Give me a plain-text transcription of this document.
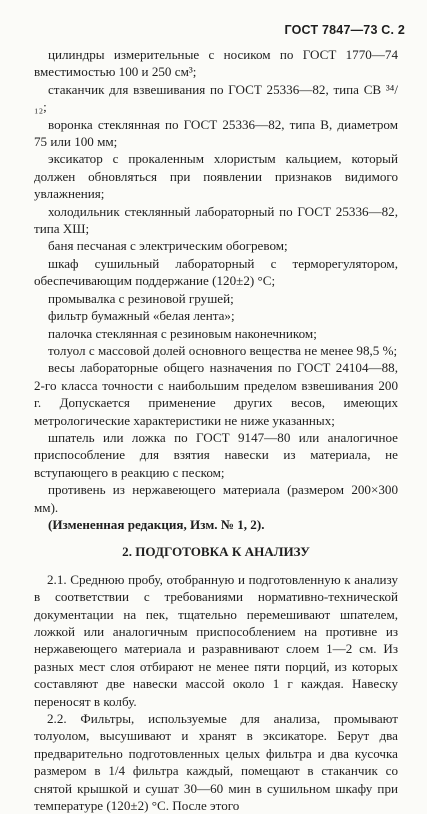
ГОСТ 7847—73 С. 2

цилиндры измерительные с носиком по ГОСТ 1770—74 вместимостью 100 и 250 см³;

стаканчик для взвешивания по ГОСТ 25336—82, типа СВ ³⁴/₁₂;

воронка стеклянная по ГОСТ 25336—82, типа В, диаметром 75 или 100 мм;

эксикатор с прокаленным хлористым кальцием, который должен обновляться при появлении признаков видимого увлажнения;

холодильник стеклянный лабораторный по ГОСТ 25336—82, типа ХШ;

баня песчаная с электрическим обогревом;

шкаф сушильный лабораторный с терморегулятором, обеспечивающим поддержание (120±2) °С;

промывалка с резиновой грушей;

фильтр бумажный «белая лента»;

палочка стеклянная с резиновым наконечником;

толуол с массовой долей основного вещества не менее 98,5 %;

весы лабораторные общего назначения по ГОСТ 24104—88, 2-го класса точности с наибольшим пределом взвешивания 200 г. Допускается применение других весов, имеющих метрологические характеристики не ниже указанных;

шпатель или ложка по ГОСТ 9147—80 или аналогичное приспособление для взятия навески из материала, не вступающего в реакцию с песком;

противень из нержавеющего материала (размером 200×300 мм).

(Измененная редакция, Изм. № 1, 2).

2. ПОДГОТОВКА К АНАЛИЗУ

2.1. Среднюю пробу, отобранную и подготовленную к анализу в соответствии с требованиями нормативно-технической документации на пек, тщательно перемешивают шпателем, ложкой или аналогичным приспособлением на противне из нержавеющего материала и разравнивают слоем 1—2 см. Из разных мест слоя отбирают не менее пяти порций, из которых составляют две навески массой около 1 г каждая. Навеску переносят в колбу.

2.2. Фильтры, используемые для анализа, промывают толуолом, высушивают и хранят в эксикаторе. Берут два предварительно подготовленных целых фильтра и два кусочка размером в 1/4 фильтра каждый, помещают в стаканчик со снятой крышкой и сушат 30—60 мин в сушильном шкафу при температуре (120±2) °С. После этого
